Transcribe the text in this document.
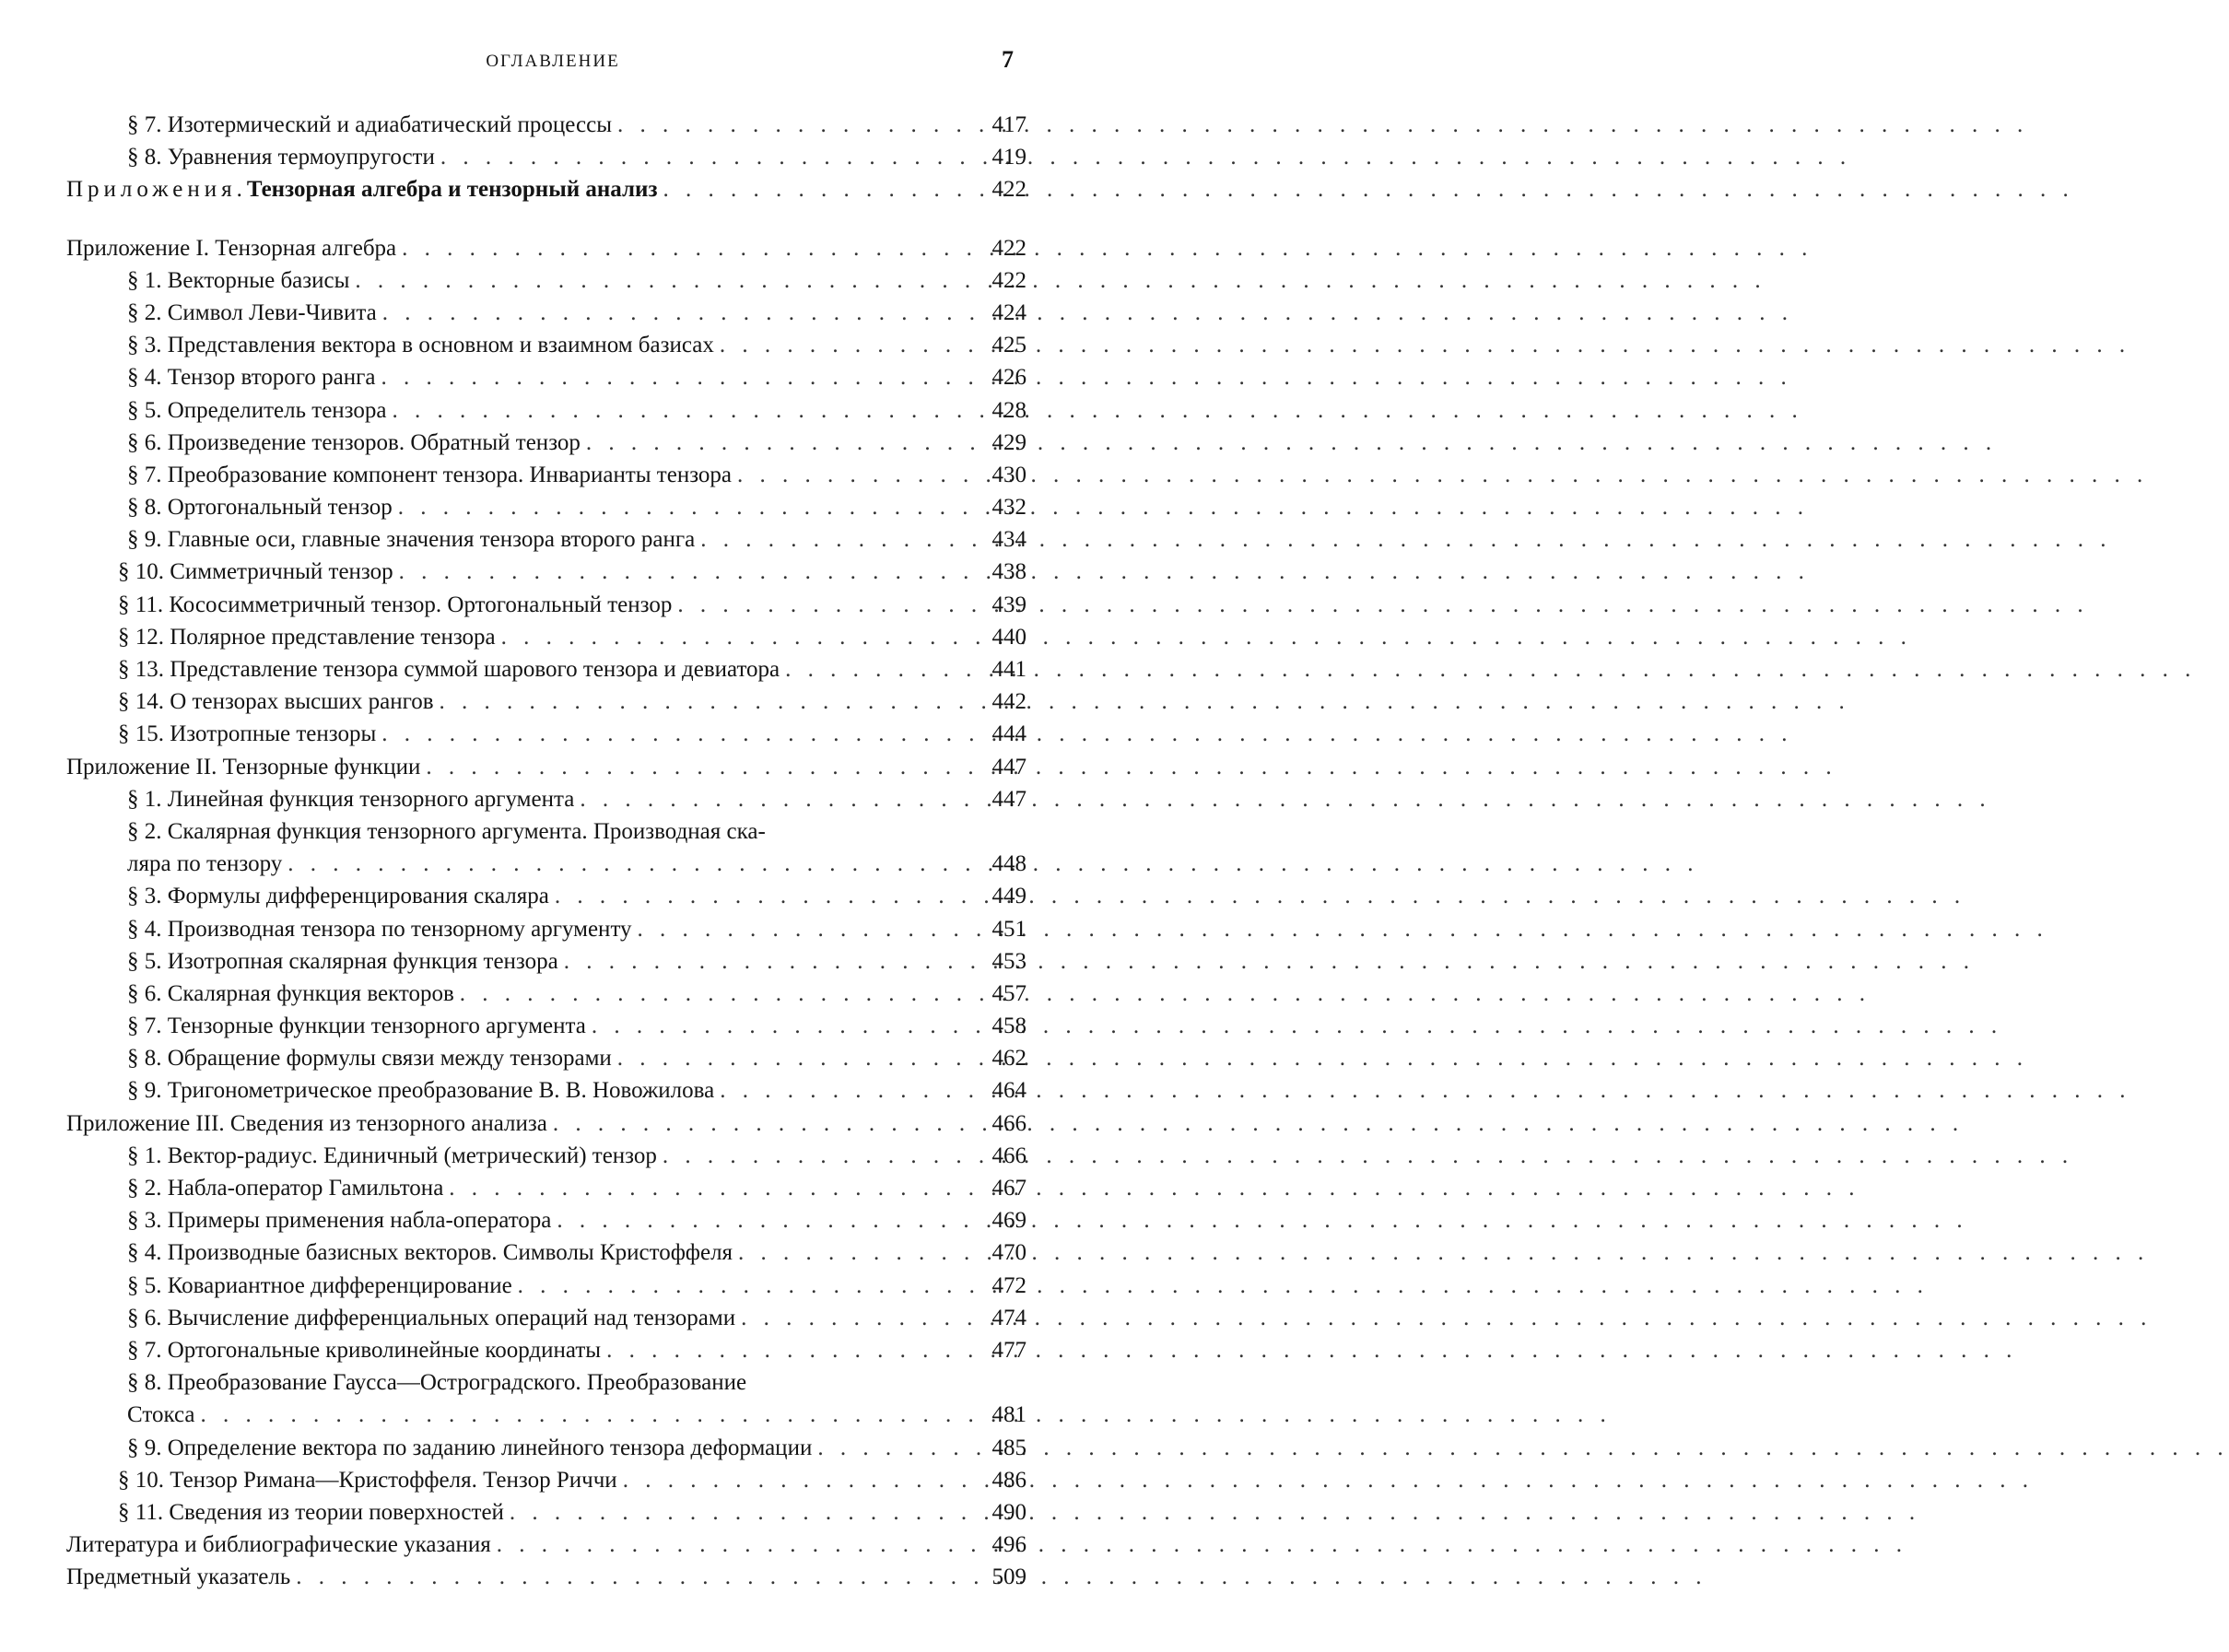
ОГЛАВЛЕНИЕ	7
§ 7. Изотермический и адиабатический процессы . . .	417
§ 8. Уравнения термоупругости . . .	419
Приложения. Тензорная алгебра и тензорный анализ . . .	422
Приложение I. Тензорная алгебра . . .	422
§ 1. Векторные базисы . . .	422
§ 2. Символ Леви-Чивита . . .	424
§ 3. Представления вектора в основном и взаимном базисах . . .	425
§ 4. Тензор второго ранга . . .	426
§ 5. Определитель тензора . . .	428
§ 6. Произведение тензоров. Обратный тензор . . .	429
§ 7. Преобразование компонент тензора. Инварианты тензора . . .	430
§ 8. Ортогональный тензор . . .	432
§ 9. Главные оси, главные значения тензора второго ранга . . .	434
§ 10. Симметричный тензор . . .	438
§ 11. Кососимметричный тензор. Ортогональный тензор . . .	439
§ 12. Полярное представление тензора . . .	440
§ 13. Представление тензора суммой шарового тензора и девиатора . . .	441
§ 14. О тензорах высших рангов . . .	442
§ 15. Изотропные тензоры . . .	444
Приложение II. Тензорные функции . . .	447
§ 1. Линейная функция тензорного аргумента . . .	447
§ 2. Скалярная функция тензорного аргумента. Производная ска-
ляра по тензору . . .	448
§ 3. Формулы дифференцирования скаляра . . .	449
§ 4. Производная тензора по тензорному аргументу . . .	451
§ 5. Изотропная скалярная функция тензора . . .	453
§ 6. Скалярная функция векторов . . .	457
§ 7. Тензорные функции тензорного аргумента . . .	458
§ 8. Обращение формулы связи между тензорами . . .	462
§ 9. Тригонометрическое преобразование В. В. Новожилова . . .	464
Приложение III. Сведения из тензорного анализа . . .	466
§ 1. Вектор-радиус. Единичный (метрический) тензор . . .	466
§ 2. Набла-оператор Гамильтона . . .	467
§ 3. Примеры применения набла-оператора . . .	469
§ 4. Производные базисных векторов. Символы Кристоффеля . . .	470
§ 5. Ковариантное дифференцирование . . .	472
§ 6. Вычисление дифференциальных операций над тензорами . . .	474
§ 7. Ортогональные криволинейные координаты . . .	477
§ 8. Преобразование Гаусса—Остроградского. Преобразование
Стокса . . .	481
§ 9. Определение вектора по заданию линейного тензора деформации . . .	485
§ 10. Тензор Римана—Кристоффеля. Тензор Риччи . . .	486
§ 11. Сведения из теории поверхностей . . .	490
Литература и библиографические указания . . .	496
Предметный указатель . . .	509
